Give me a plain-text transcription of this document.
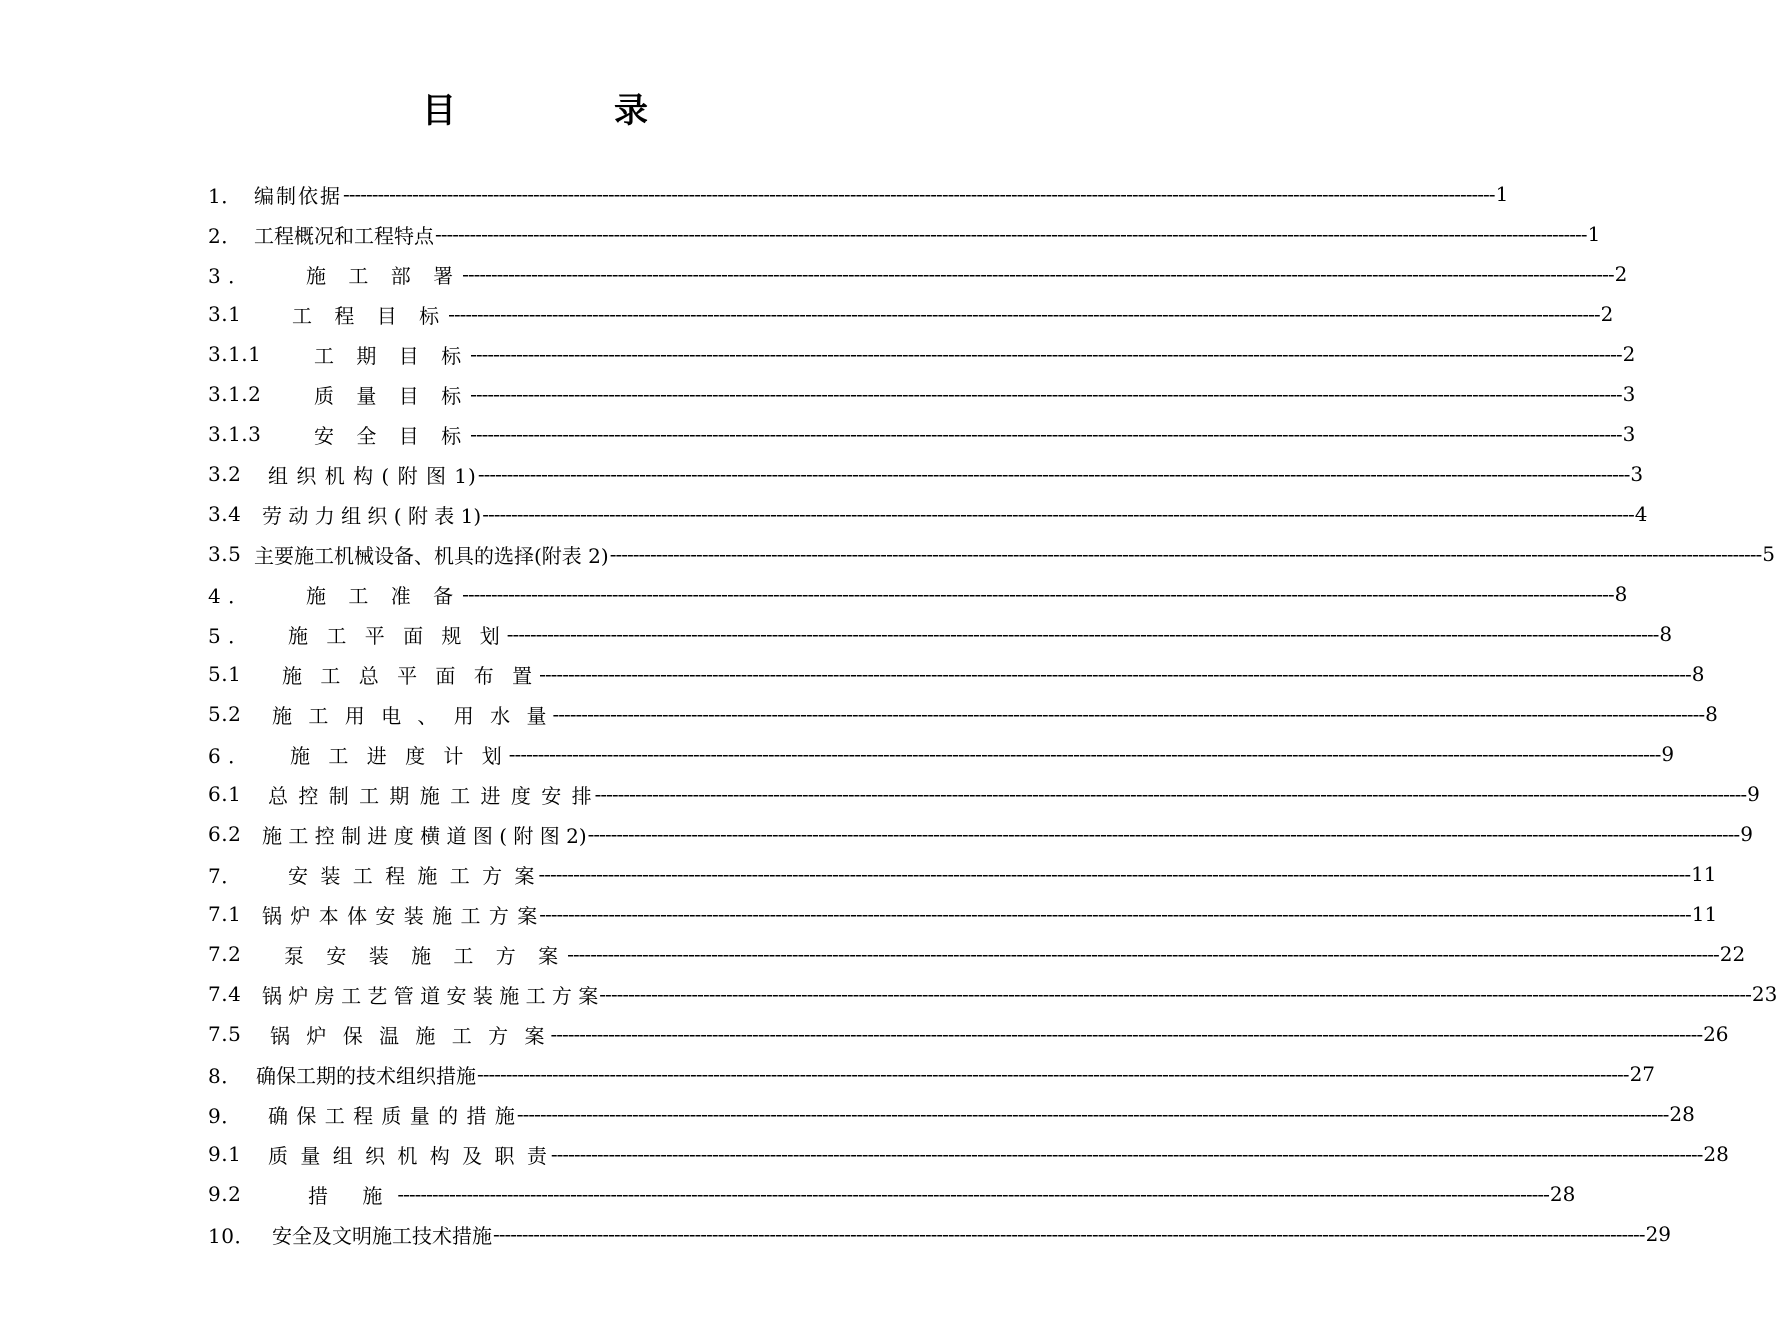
目	录
1． 编制依据 -------------------------------------------------------------------------------------------------------------------------------------------------------------------------------------------------------- 1
2． 工程概况和工程特点 -------------------------------------------------------------------------------------------------------------------------------------------------------------------------------------------------------- 1
3 ．	施 工 部 署 -------------------------------------------------------------------------------------------------------------------------------------------------------------------------------------------------------- 2
3.1	工 程 目 标 -------------------------------------------------------------------------------------------------------------------------------------------------------------------------------------------------------- 2
3.1.1	工 期 目 标 -------------------------------------------------------------------------------------------------------------------------------------------------------------------------------------------------------- 2
3.1.2	质 量 目 标 -------------------------------------------------------------------------------------------------------------------------------------------------------------------------------------------------------- 3
3.1.3	安 全 目 标 -------------------------------------------------------------------------------------------------------------------------------------------------------------------------------------------------------- 3
3.2	组 织 机 构 ( 附 图 1) -------------------------------------------------------------------------------------------------------------------------------------------------------------------------------------------------------- 3
3.4	劳 动 力 组 织 ( 附 表 1) -------------------------------------------------------------------------------------------------------------------------------------------------------------------------------------------------------- 4
3.5 主要施工机械设备、机具的选择(附表 2) -------------------------------------------------------------------------------------------------------------------------------------------------------------------------------------------------------- 5
4 ．	施 工 准 备 -------------------------------------------------------------------------------------------------------------------------------------------------------------------------------------------------------- 8
5 ．	施 工 平 面 规 划 -------------------------------------------------------------------------------------------------------------------------------------------------------------------------------------------------------- 8
5.1	施 工 总 平 面 布 置 -------------------------------------------------------------------------------------------------------------------------------------------------------------------------------------------------------- 8
5.2	施 工 用 电 、 用 水 量 -------------------------------------------------------------------------------------------------------------------------------------------------------------------------------------------------------- 8
6 ．	施 工 进 度 计 划 -------------------------------------------------------------------------------------------------------------------------------------------------------------------------------------------------------- 9
6.1	总 控 制 工 期 施 工 进 度 安 排 -------------------------------------------------------------------------------------------------------------------------------------------------------------------------------------------------------- 9
6.2	施 工 控 制 进 度 横 道 图 ( 附 图 2) -------------------------------------------------------------------------------------------------------------------------------------------------------------------------------------------------------- 9
7．	安 装 工 程 施 工 方 案 -------------------------------------------------------------------------------------------------------------------------------------------------------------------------------------------------------- 11
7.1	锅 炉 本 体 安 装 施 工 方 案 -------------------------------------------------------------------------------------------------------------------------------------------------------------------------------------------------------- 11
7.2	泵 安 装 施 工 方 案 -------------------------------------------------------------------------------------------------------------------------------------------------------------------------------------------------------- 22
7.4	锅 炉 房 工 艺 管 道 安 装 施 工 方 案 -------------------------------------------------------------------------------------------------------------------------------------------------------------------------------------------------------- 23
7.5	锅 炉 保 温 施 工 方 案 -------------------------------------------------------------------------------------------------------------------------------------------------------------------------------------------------------- 26
8． 确保工期的技术组织措施 -------------------------------------------------------------------------------------------------------------------------------------------------------------------------------------------------------- 27
9．	确 保 工 程 质 量 的 措 施 -------------------------------------------------------------------------------------------------------------------------------------------------------------------------------------------------------- 28
9.1	质 量 组 织 机 构 及 职 责 -------------------------------------------------------------------------------------------------------------------------------------------------------------------------------------------------------- 28
9.2	措 施 -------------------------------------------------------------------------------------------------------------------------------------------------------------------------------------------------------- 28
10． 安全及文明施工技术措施 -------------------------------------------------------------------------------------------------------------------------------------------------------------------------------------------------------- 29
